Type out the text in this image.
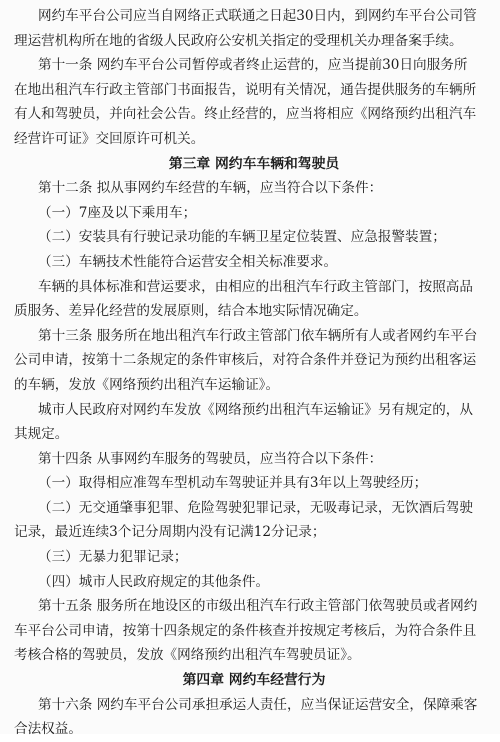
网约车平台公司应当自网络正式联通之日起30日内，到网约车平台公司管
理运营机构所在地的省级人民政府公安机关指定的受理机关办理备案手续。
第十一条 网约车平台公司暂停或者终止运营的，应当提前30日向服务所
在地出租汽车行政主管部门书面报告，说明有关情况，通告提供服务的车辆所
有人和驾驶员，并向社会公告。终止经营的，应当将相应《网络预约出租汽车
经营许可证》交回原许可机关。
第三章 网约车车辆和驾驶员
第十二条 拟从事网约车经营的车辆，应当符合以下条件：
（一）7座及以下乘用车；
（二）安装具有行驶记录功能的车辆卫星定位装置、应急报警装置；
（三）车辆技术性能符合运营安全相关标准要求。
车辆的具体标准和营运要求，由相应的出租汽车行政主管部门，按照高品
质服务、差异化经营的发展原则，结合本地实际情况确定。
第十三条 服务所在地出租汽车行政主管部门依车辆所有人或者网约车平台
公司申请，按第十二条规定的条件审核后，对符合条件并登记为预约出租客运
的车辆，发放《网络预约出租汽车运输证》。
城市人民政府对网约车发放《网络预约出租汽车运输证》另有规定的，从
其规定。
第十四条 从事网约车服务的驾驶员，应当符合以下条件：
（一）取得相应准驾车型机动车驾驶证并具有3年以上驾驶经历；
（二）无交通肇事犯罪、危险驾驶犯罪记录，无吸毒记录，无饮酒后驾驶
记录，最近连续3个记分周期内没有记满12分记录；
（三）无暴力犯罪记录；
（四）城市人民政府规定的其他条件。
第十五条 服务所在地设区的市级出租汽车行政主管部门依驾驶员或者网约
车平台公司申请，按第十四条规定的条件核查并按规定考核后，为符合条件且
考核合格的驾驶员，发放《网络预约出租汽车驾驶员证》。
第四章 网约车经营行为
第十六条 网约车平台公司承担承运人责任，应当保证运营安全，保障乘客
合法权益。
